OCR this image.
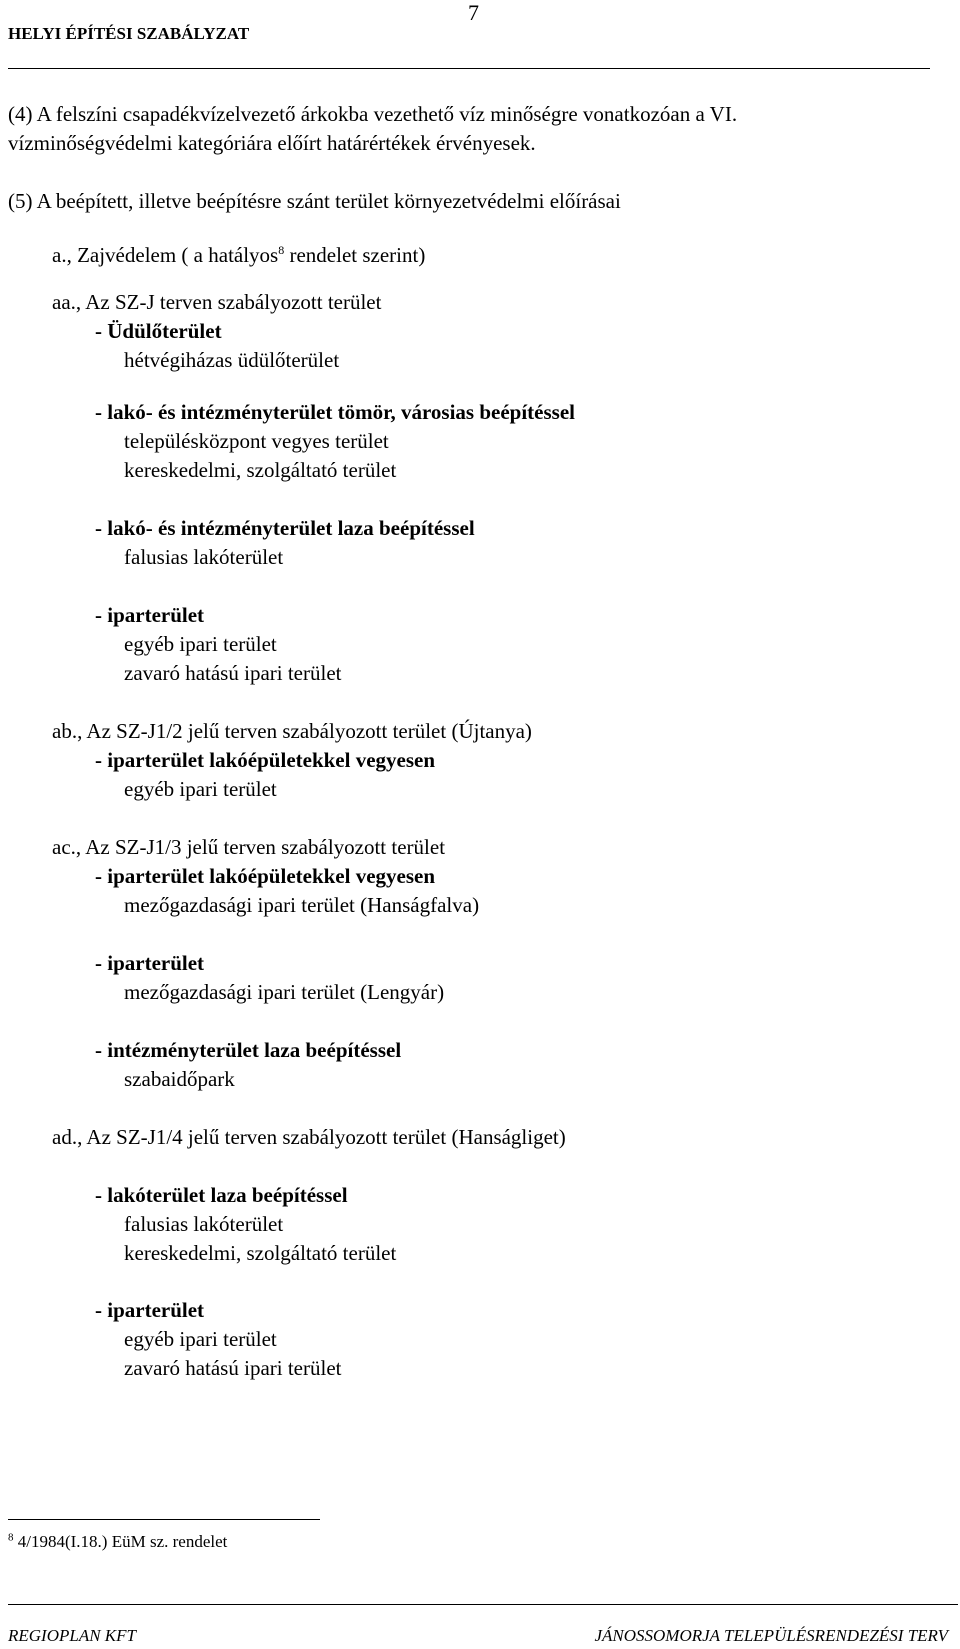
HELYI ÉPÍTÉSI SZABÁLYZAT
7
(4) A felszíni csapadékvízelvezető árkokba vezethető víz minőségre vonatkozóan a VI.
vízminőségvédelmi kategóriára előírt határértékek érvényesek.
(5) A beépített, illetve beépítésre szánt terület környezetvédelmi előírásai
a., Zajvédelem ( a hatályos$^8$ rendelet szerint)
aa., Az SZ-J terven szabályozott terület
- Üdülőterület
hétvégiházas üdülőterület
- lakó- és intézményterület tömör, városias beépítéssel
településközpont vegyes terület
kereskedelmi, szolgáltató terület
- lakó- és intézményterület laza beépítéssel
falusias lakóterület
- iparterület
egyéb ipari terület
zavaró hatású ipari terület
ab., Az SZ-J1/2 jelű terven szabályozott terület (Újtanya)
- iparterület lakóépületekkel vegyesen
egyéb ipari terület
ac., Az SZ-J1/3 jelű terven szabályozott terület
- iparterület lakóépületekkel vegyesen
mezőgazdasági ipari terület (Hanságfalva)
- iparterület
mezőgazdasági ipari terület (Lengyár)
- intézményterület laza beépítéssel
szabaidőpark
ad., Az SZ-J1/4 jelű terven szabályozott terület (Hanságliget)
- lakóterület laza beépítéssel
falusias lakóterület
kereskedelmi, szolgáltató terület
- iparterület
egyéb ipari terület
zavaró hatású ipari terület
$^8$ 4/1984(I.18.) EüM sz. rendelet
REGIOPLAN KFT	JÁNOSSOMORJA TELEPÜLÉSRENDEZÉSI TERV
